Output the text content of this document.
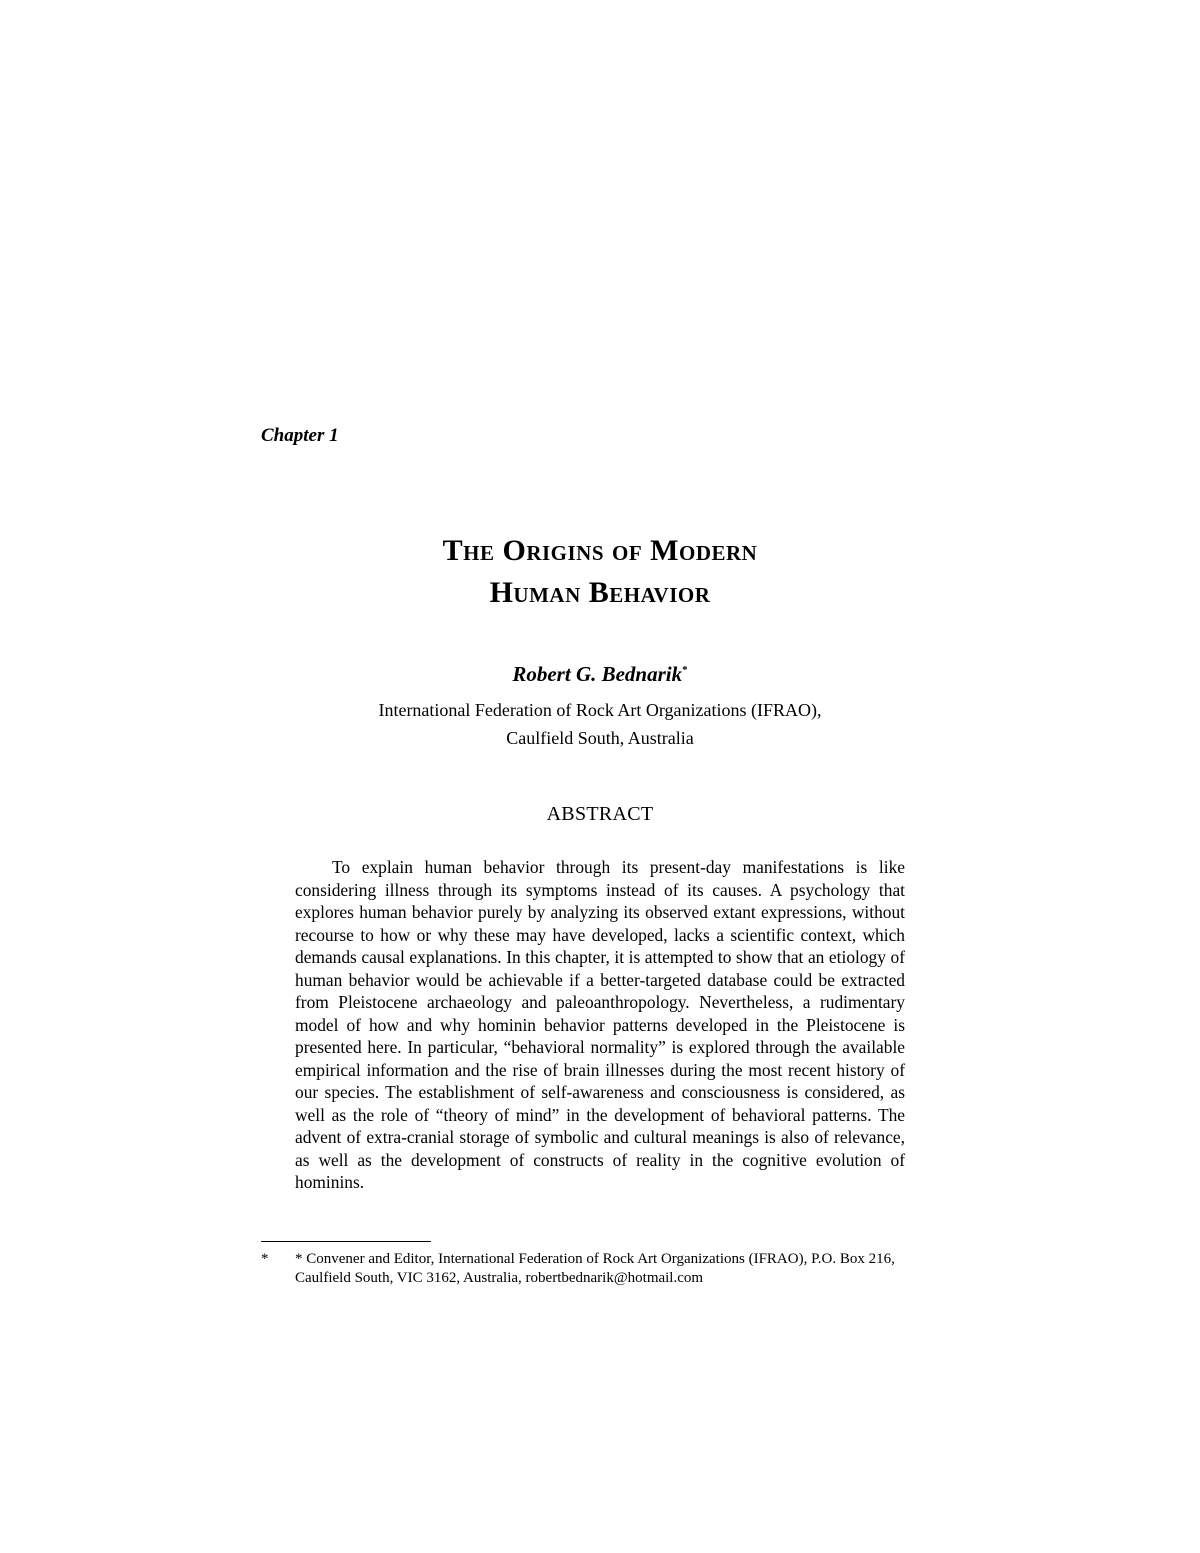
Chapter 1
The Origins of Modern
Human Behavior
Robert G. Bednarik*
International Federation of Rock Art Organizations (IFRAO),
Caulfield South, Australia
ABSTRACT
To explain human behavior through its present-day manifestations is like considering illness through its symptoms instead of its causes. A psychology that explores human behavior purely by analyzing its observed extant expressions, without recourse to how or why these may have developed, lacks a scientific context, which demands causal explanations. In this chapter, it is attempted to show that an etiology of human behavior would be achievable if a better-targeted database could be extracted from Pleistocene archaeology and paleoanthropology. Nevertheless, a rudimentary model of how and why hominin behavior patterns developed in the Pleistocene is presented here. In particular, “behavioral normality” is explored through the available empirical information and the rise of brain illnesses during the most recent history of our species. The establishment of self-awareness and consciousness is considered, as well as the role of “theory of mind” in the development of behavioral patterns. The advent of extra-cranial storage of symbolic and cultural meanings is also of relevance, as well as the development of constructs of reality in the cognitive evolution of hominins.
* * Convener and Editor, International Federation of Rock Art Organizations (IFRAO), P.O. Box 216, Caulfield South, VIC 3162, Australia, robertbednarik@hotmail.com
